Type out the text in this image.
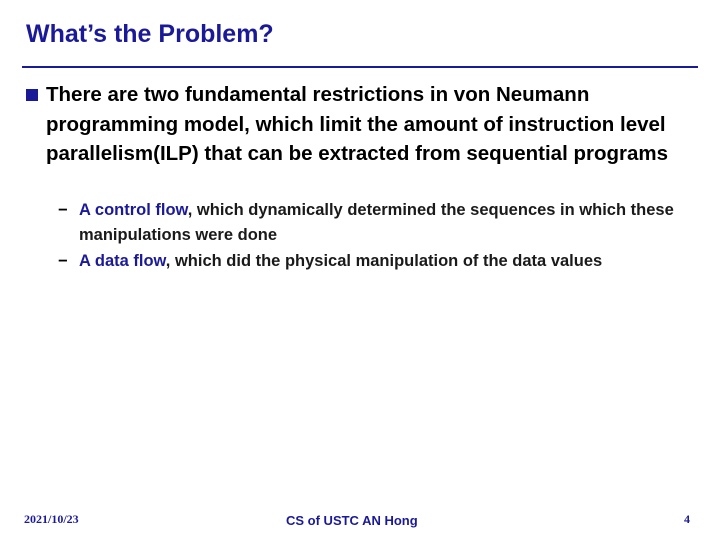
What’s the Problem?
There are two fundamental restrictions in von Neumann programming model, which limit the amount of instruction level parallelism(ILP) that can be extracted from sequential programs
− A control flow, which dynamically determined the sequences in which these manipulations were done
− A data flow, which did the physical manipulation of the data values
2021/10/23	CS of USTC AN Hong	4
